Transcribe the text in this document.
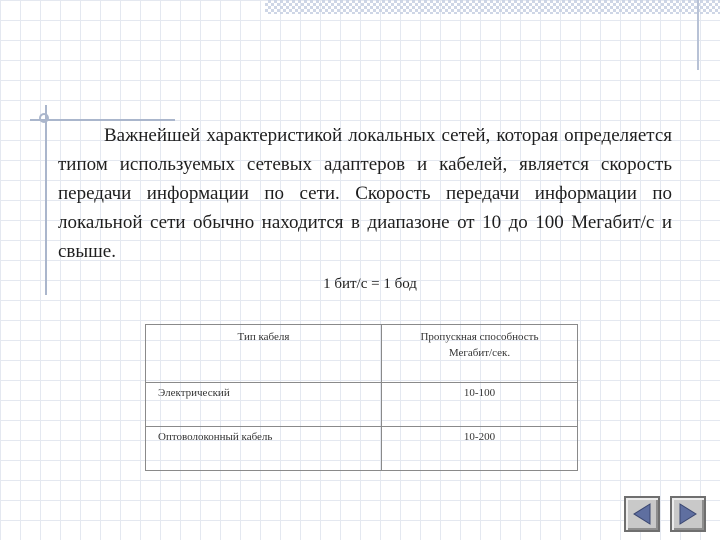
Важнейшей характеристикой локальных сетей, которая определяется типом используемых сетевых адаптеров и кабелей, является скорость передачи информации по сети. Скорость передачи информации по локальной сети обычно находится в диапазоне от 10 до 100 Мегабит/с и свыше.

1 бит/с = 1 бод
Тип кабеля	Пропускная способность
Мегабит/сек.

Электрический	10-100
Оптоволоконный кабель	10-200
